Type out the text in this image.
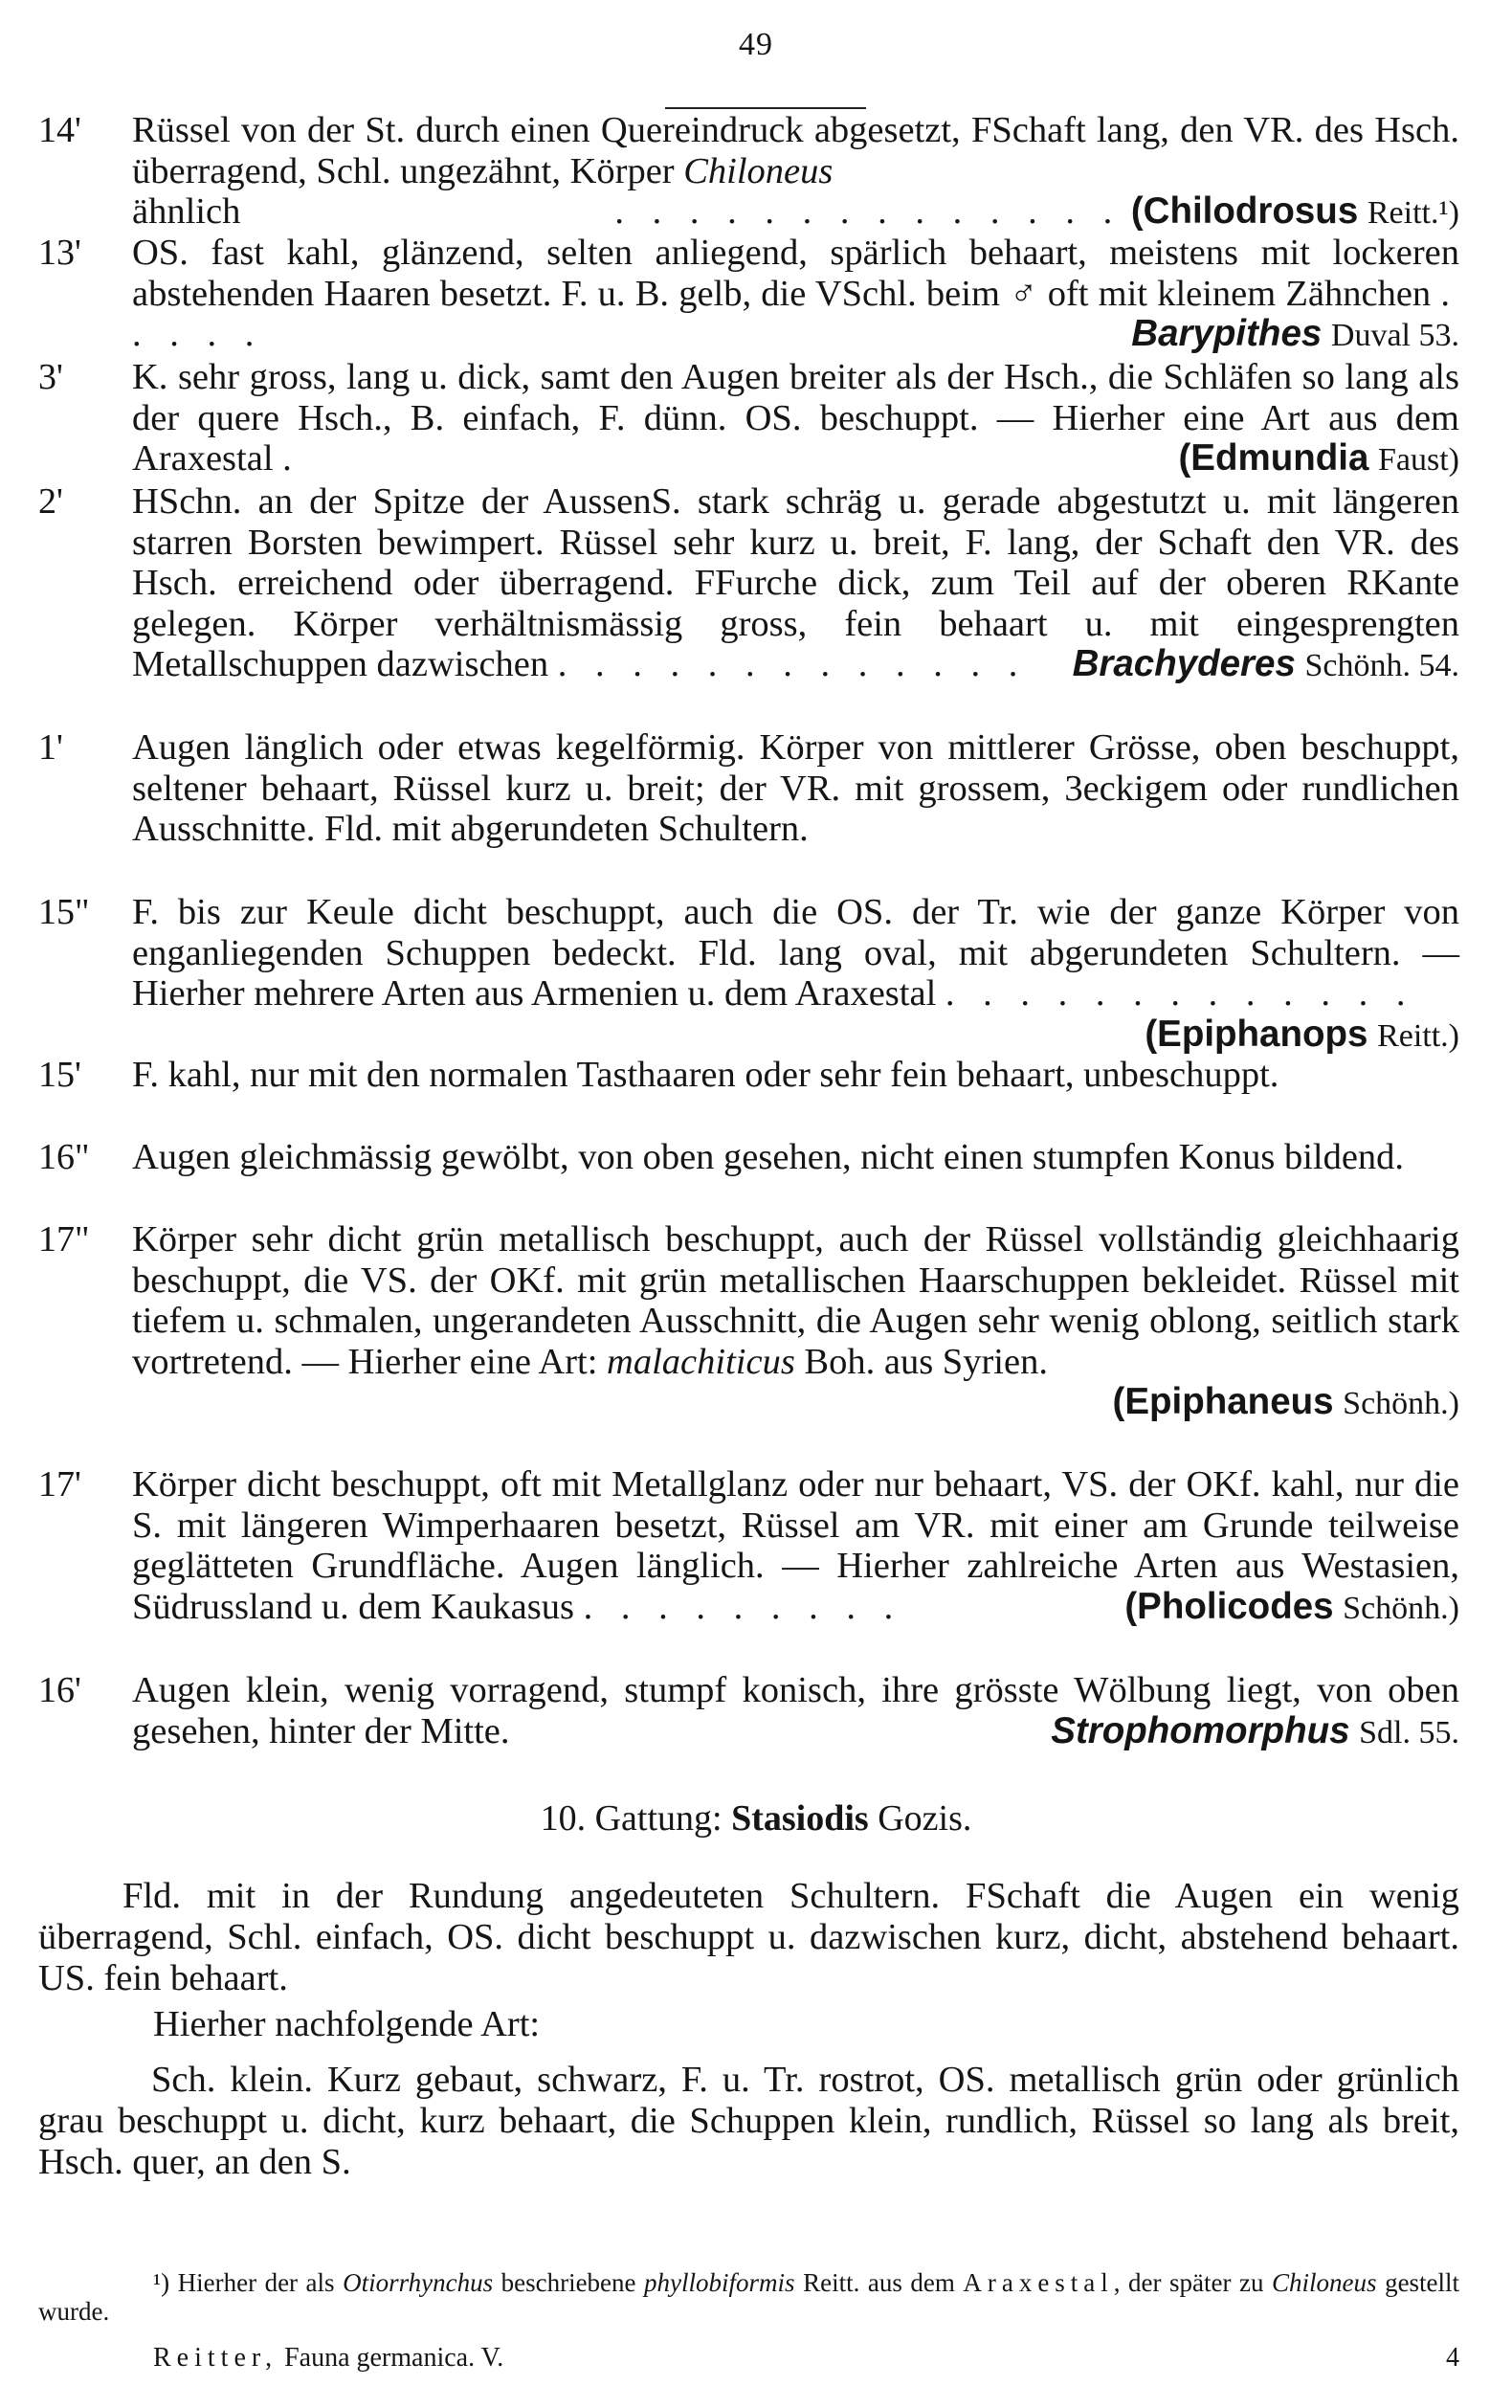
49
14'	Rüssel von der St. durch einen Quereindruck abgesetzt, FSchaft lang, den VR. des Hsch. überragend, Schl. ungezähnt, Körper Chiloneus
ähnlich	. . . . . . . . . . . . . . (Chilodrosus Reitt.¹)
13'	OS. fast kahl, glänzend, selten anliegend, spärlich behaart, meistens mit lockeren abstehenden Haaren besetzt. F. u. B. gelb, die VSchl. beim ♂ oft mit kleinem Zähnchen . . . . .	Barypithes Duval 53.
3'	K. sehr gross, lang u. dick, samt den Augen breiter als der Hsch., die Schläfen so lang als der quere Hsch., B. einfach, F. dünn. OS. beschuppt. — Hierher eine Art aus dem Araxestal .	(Edmundia Faust)
2'	HSchn. an der Spitze der AussenS. stark schräg u. gerade abgestutzt u. mit längeren starren Borsten bewimpert. Rüssel sehr kurz u. breit, F. lang, der Schaft den VR. des Hsch. erreichend oder überragend. FFurche dick, zum Teil auf der oberen RKante gelegen. Körper verhältnismässig gross, fein behaart u. mit eingesprengten Metallschuppen dazwischen . . . . . . . . . . . . . Brachyderes Schönh. 54.
1'	Augen länglich oder etwas kegelförmig. Körper von mittlerer Grösse, oben beschuppt, seltener behaart, Rüssel kurz u. breit; der VR. mit grossem, 3eckigem oder rundlichen Ausschnitte. Fld. mit abgerundeten Schultern.
15"	F. bis zur Keule dicht beschuppt, auch die OS. der Tr. wie der ganze Körper von enganliegenden Schuppen bedeckt. Fld. lang oval, mit abgerundeten Schultern. — Hierher mehrere Arten aus Armenien u. dem Araxestal . . . . . . . . . . . . .
(Epiphanops Reitt.)
15'	F. kahl, nur mit den normalen Tasthaaren oder sehr fein behaart, unbeschuppt.
16"	Augen gleichmässig gewölbt, von oben gesehen, nicht einen stumpfen Konus bildend.
17"	Körper sehr dicht grün metallisch beschuppt, auch der Rüssel vollständig gleichhaarig beschuppt, die VS. der OKf. mit grün metallischen Haarschuppen bekleidet. Rüssel mit tiefem u. schmalen, ungerandeten Ausschnitt, die Augen sehr wenig oblong, seitlich stark vortretend. — Hierher eine Art: malachiticus Boh. aus Syrien.
(Epiphaneus Schönh.)
17'	Körper dicht beschuppt, oft mit Metallglanz oder nur behaart, VS. der OKf. kahl, nur die S. mit längeren Wimperhaaren besetzt, Rüssel am VR. mit einer am Grunde teilweise geglätteten Grundfläche. Augen länglich. — Hierher zahlreiche Arten aus Westasien, Südrussland u. dem Kaukasus . . . . . . . . .	(Pholicodes Schönh.)
16'	Augen klein, wenig vorragend, stumpf konisch, ihre grösste Wölbung liegt, von oben gesehen, hinter der Mitte.	Strophomorphus Sdl. 55.
10. Gattung: Stasiodis Gozis.
Fld. mit in der Rundung angedeuteten Schultern. FSchaft die Augen ein wenig überragend, Schl. einfach, OS. dicht beschuppt u. dazwischen kurz, dicht, abstehend behaart. US. fein behaart.
Hierher nachfolgende Art:
Sch. klein. Kurz gebaut, schwarz, F. u. Tr. rostrot, OS. metallisch grün oder grünlich grau beschuppt u. dicht, kurz behaart, die Schuppen klein, rundlich, Rüssel so lang als breit, Hsch. quer, an den S.
¹) Hierher der als Otiorrhynchus beschriebene phyllobiformis Reitt. aus dem Araxestal, der später zu Chiloneus gestellt wurde.
Reitter, Fauna germanica. V.	4
